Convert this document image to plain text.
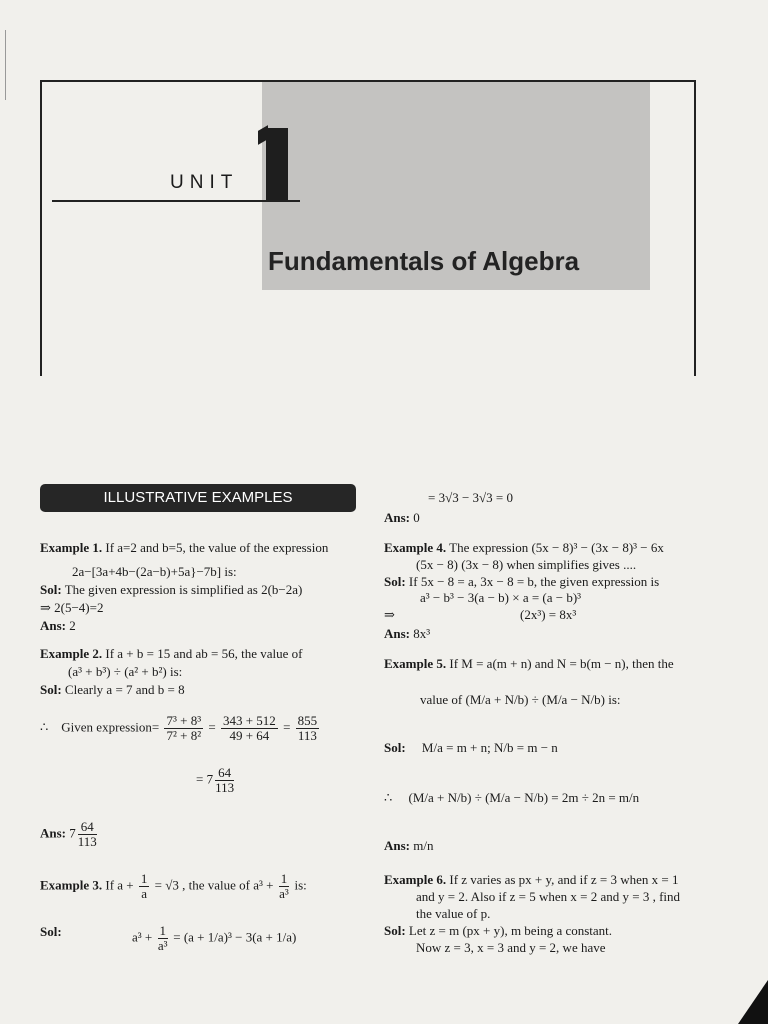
UNIT
Fundamentals of Algebra
ILLUSTRATIVE EXAMPLES
Example 1. If a=2 and b=5, the value of the expression
2a−[3a+4b−(2a−b)+5a}−7b] is:
Sol: The given expression is simplified as 2(b−2a)
⇒ 2(5−4)=2
Ans: 2
Example 2. If a + b = 15 and ab = 56, the value of
(a³ + b³) ÷ (a² + b²) is:
Sol: Clearly a = 7 and b = 8
∴ Given expression= $\frac{\text{7³ + 8³}}{\text{7² + 8²}} = \frac{343 + 512}{49 + 64} = \frac{855}{113}$
= $7 \frac{64}{113}$
Ans: $7 \frac{64}{113}$
Example 3. If $a + \frac{1}{a} = √3$ , the value of $a^3 + \frac{1}{\text{a³}}$ is:
Sol:	$a^3 + \frac{1}{\text{a³}} = (a + 1/a)^3 - 3(a + 1/a)$
= 3√3 − 3√3 = 0
Ans: 0
Example 4. The expression (5x − 8)³ − (3x − 8)³ − 6x
(5x − 8) (3x − 8) when simplifies gives ....
Sol: If 5x − 8 = a, 3x − 8 = b, the given expression is
a³ − b³ − 3(a − b) × a = (a − b)³
⇒	(2x³) = 8x³
Ans: 8x³
Example 5. If M = a(m + n) and N = b(m − n), then the
value of (M/a + N/b) ÷ (M/a − N/b) is:
Sol: M/a = m + n; N/b = m − n
∴ (M/a + N/b) ÷ (M/a − N/b) = 2m ÷ 2n = m/n
Ans: m/n
Example 6. If z varies as px + y, and if z = 3 when x = 1
and y = 2. Also if z = 5 when x = 2 and y = 3 , find
the value of p.
Sol: Let z = m (px + y), m being a constant.
Now z = 3, x = 3 and y = 2, we have
